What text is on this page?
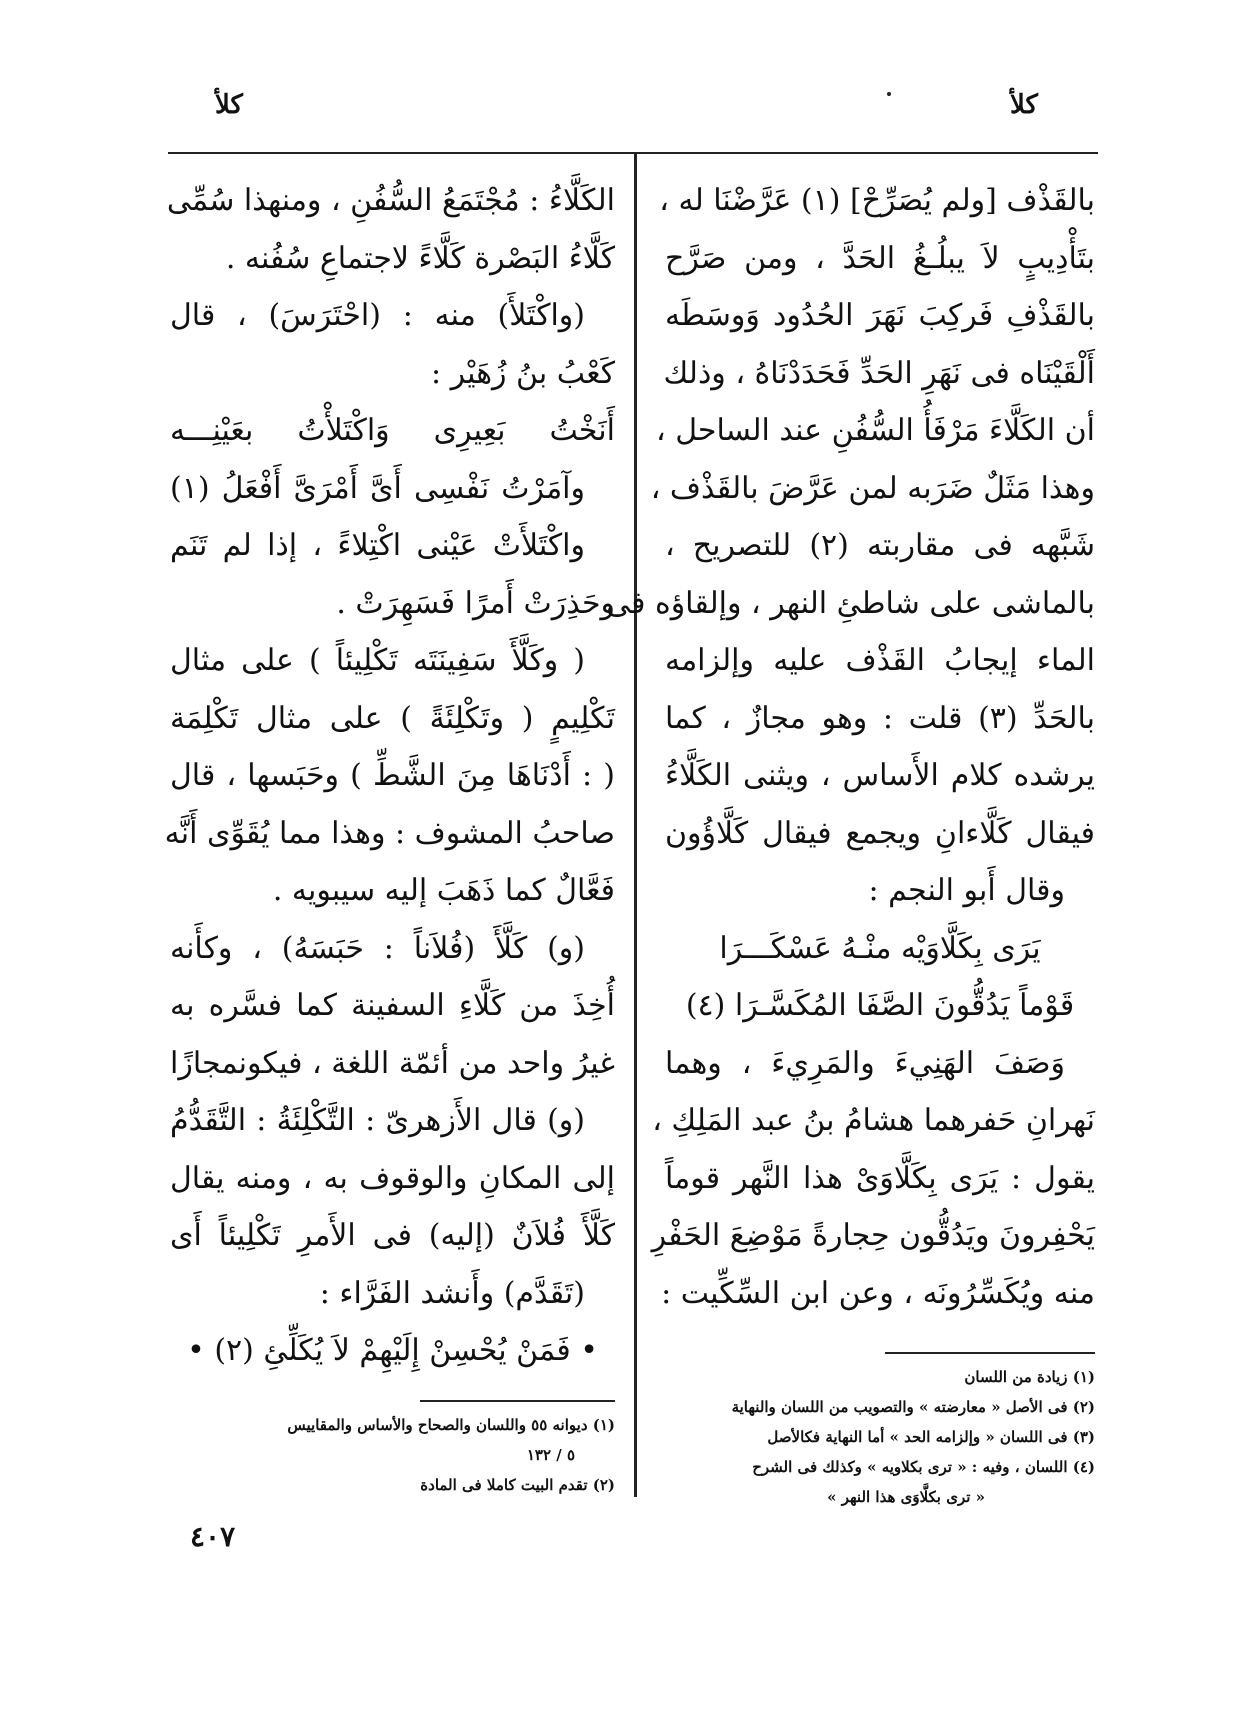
كلأ
كلأ
بالقَذْف [ولم يُصَرِّحْ] (١) عَرَّضْنَا له ،
بتَأْدِيبٍ لاَ يبلُـغُ الحَدَّ ، ومن صَرَّح
بالقَذْفِ فَركِبَ نَهَرَ الحُدُود وَوسَطَه
أَلْقَيْنَاه فى نَهَرِ الحَدِّ فَحَدَدْنَاهُ ، وذلك
أن الكَلَّاءَ مَرْفَأُ السُّفُنِ عند الساحل ،
وهذا مَثَلٌ ضَرَبه لمن عَرَّضَ بالقَذْف ،
شَبَّهه فى مقاربته (٢) للتصريح ،
بالماشى على شاطئِ النهر ، وإلقاؤه فى
الماء إيجابُ القَذْف عليه وإلزامه
بالحَدِّ (٣) قلت : وهو مجازٌ ، كما
يرشده كلام الأَساس ، ويثنى الكَلَّاءُ
فيقال كَلَّاءانِ ويجمع فيقال كَلَّاؤُون
وقال أَبو النجم :
يَرَى بِكَلَّاوَيْه منْـهُ عَسْكَـــرَا
قَوْماً يَدُقُّونَ الصَّفَا المُكَسَّـرَا (٤)
وَصَفَ الهَنِيءَ والمَرِيءَ ، وهما
نَهرانِ حَفرهما هشامُ بنُ عبد المَلِكِ ،
يقول : يَرَى بِكَلَّاوَىْ هذا النَّهر قوماً
يَحْفِرونَ ويَدُقُّون حِجارةً مَوْضِعَ الحَفْرِ
منه ويُكَسِّرُونَه ، وعن ابن السِّكِّيت :
الكَلَّاءُ : مُجْتَمَعُ السُّفُنِ ، ومنهذا سُمِّى
كَلَّاءُ البَصْرة كَلَّاءً لاجتماعِ سُفُنه .
(واكْتَلأَ) منه : (احْتَرَسَ) ، قال
كَعْبُ بنُ زُهَيْر :
أَنَخْتُ بَعِيرِى وَاكْتَلأْتُ بعَيْنِـــه
وآمَرْتُ نَفْسِى أَىَّ أَمْرَىَّ أَفْعَلُ (١)
واكْتَلأَتْ عَيْنى اكْتِلاءً ، إذا لم تَنَم
وحَذِرَتْ أَمرًا فَسَهِرَتْ .
( وكَلَّأَ سَفِينَتَه تَكْلِيئاً ) على مثال
تَكْلِيمٍ ( وتَكْلِئَةً ) على مثال تَكْلِمَة
( : أَدْنَاهَا مِنَ الشَّطِّ ) وحَبَسها ، قال
صاحبُ المشوف : وهذا مما يُقَوِّى أَنَّه
فَعَّالٌ كما ذَهَبَ إليه سيبويه .
(و) كَلَّأَ (فُلاَناً : حَبَسَهُ) ، وكأَنه
أُخِذَ من كَلَّاءِ السفينة كما فسَّره به
غيرُ واحد من أئمّة اللغة ، فيكونمجازًا
(و) قال الأَزهرىّ : التَّكْلِئَةُ : التَّقَدُّمُ
إلى المكانِ والوقوف به ، ومنه يقال
كَلَّأَ فُلاَنٌ (إليه) فى الأَمرِ تَكْلِيئاً أَى
(تَقَدَّم) وأَنشد الفَرَّاء :
• فَمَنْ يُحْسِنْ إِلَيْهِمْ لاَ يُكَلِّئِ (٢) •
(١) زيادة من اللسان
(٢) فى الأصل « معارضته » والتصويب من اللسان والنهاية
(٣) فى اللسان « وإلزامه الحد » أما النهاية فكالأصل
(٤) اللسان ، وفيه : « ترى بكلاويه » وكذلك فى الشرح
« ترى بكلَّاوَى هذا النهر »
(١) ديوانه ٥٥ واللسان والصحاح والأساس والمقاييس
٥ / ١٣٢
(٢) تقدم البيت كاملا فى المادة
٤٠٧
